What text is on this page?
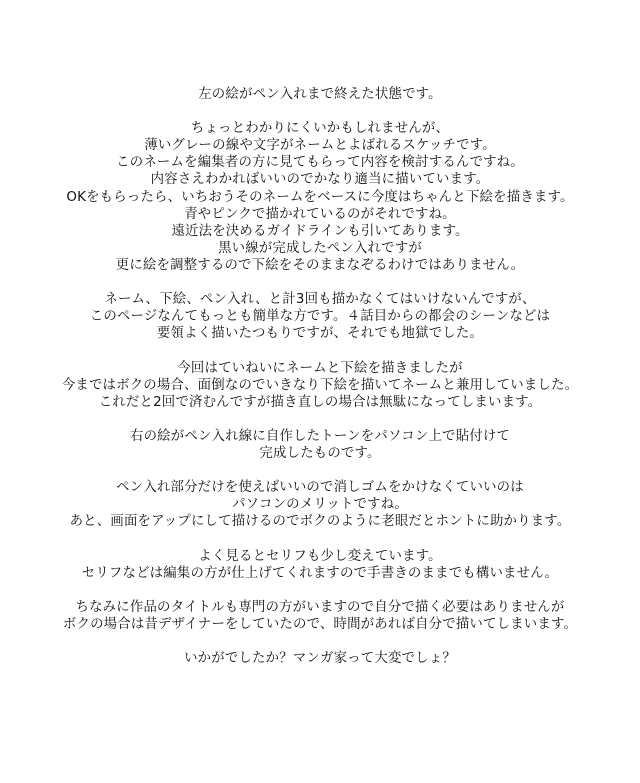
左の絵がペン入れまで終えた状態です。

ちょっとわかりにくいかもしれませんが、
薄いグレーの線や文字がネームとよばれるスケッチです。
このネームを編集者の方に見てもらって内容を検討するんですね。
内容さえわかればいいのでかなり適当に描いています。
OKをもらったら、いちおうそのネームをベースに今度はちゃんと下絵を描きます。
青やピンクで描かれているのがそれですね。
遠近法を決めるガイドラインも引いてあります。
黒い線が完成したペン入れですが
更に絵を調整するので下絵をそのままなぞるわけではありません。

ネーム、下絵、ペン入れ、と計3回も描かなくてはいけないんですが、
このページなんてもっとも簡単な方です。４話目からの都会のシーンなどは
要領よく描いたつもりですが、それでも地獄でした。

今回はていねいにネームと下絵を描きましたが
今まではボクの場合、面倒なのでいきなり下絵を描いてネームと兼用していました。
これだと2回で済むんですが描き直しの場合は無駄になってしまいます。

右の絵がペン入れ線に自作したトーンをパソコン上で貼付けて
完成したものです。

ペン入れ部分だけを使えばいいので消しゴムをかけなくていいのは
パソコンのメリットですね。
あと、画面をアップにして描けるのでボクのように老眼だとホントに助かります。

よく見るとセリフも少し変えています。
セリフなどは編集の方が仕上げてくれますので手書きのままでも構いません。

ちなみに作品のタイトルも専門の方がいますので自分で描く必要はありませんが
ボクの場合は昔デザイナーをしていたので、時間があれば自分で描いてしまいます。

いかがでしたか？マンガ家って大変でしょ？
